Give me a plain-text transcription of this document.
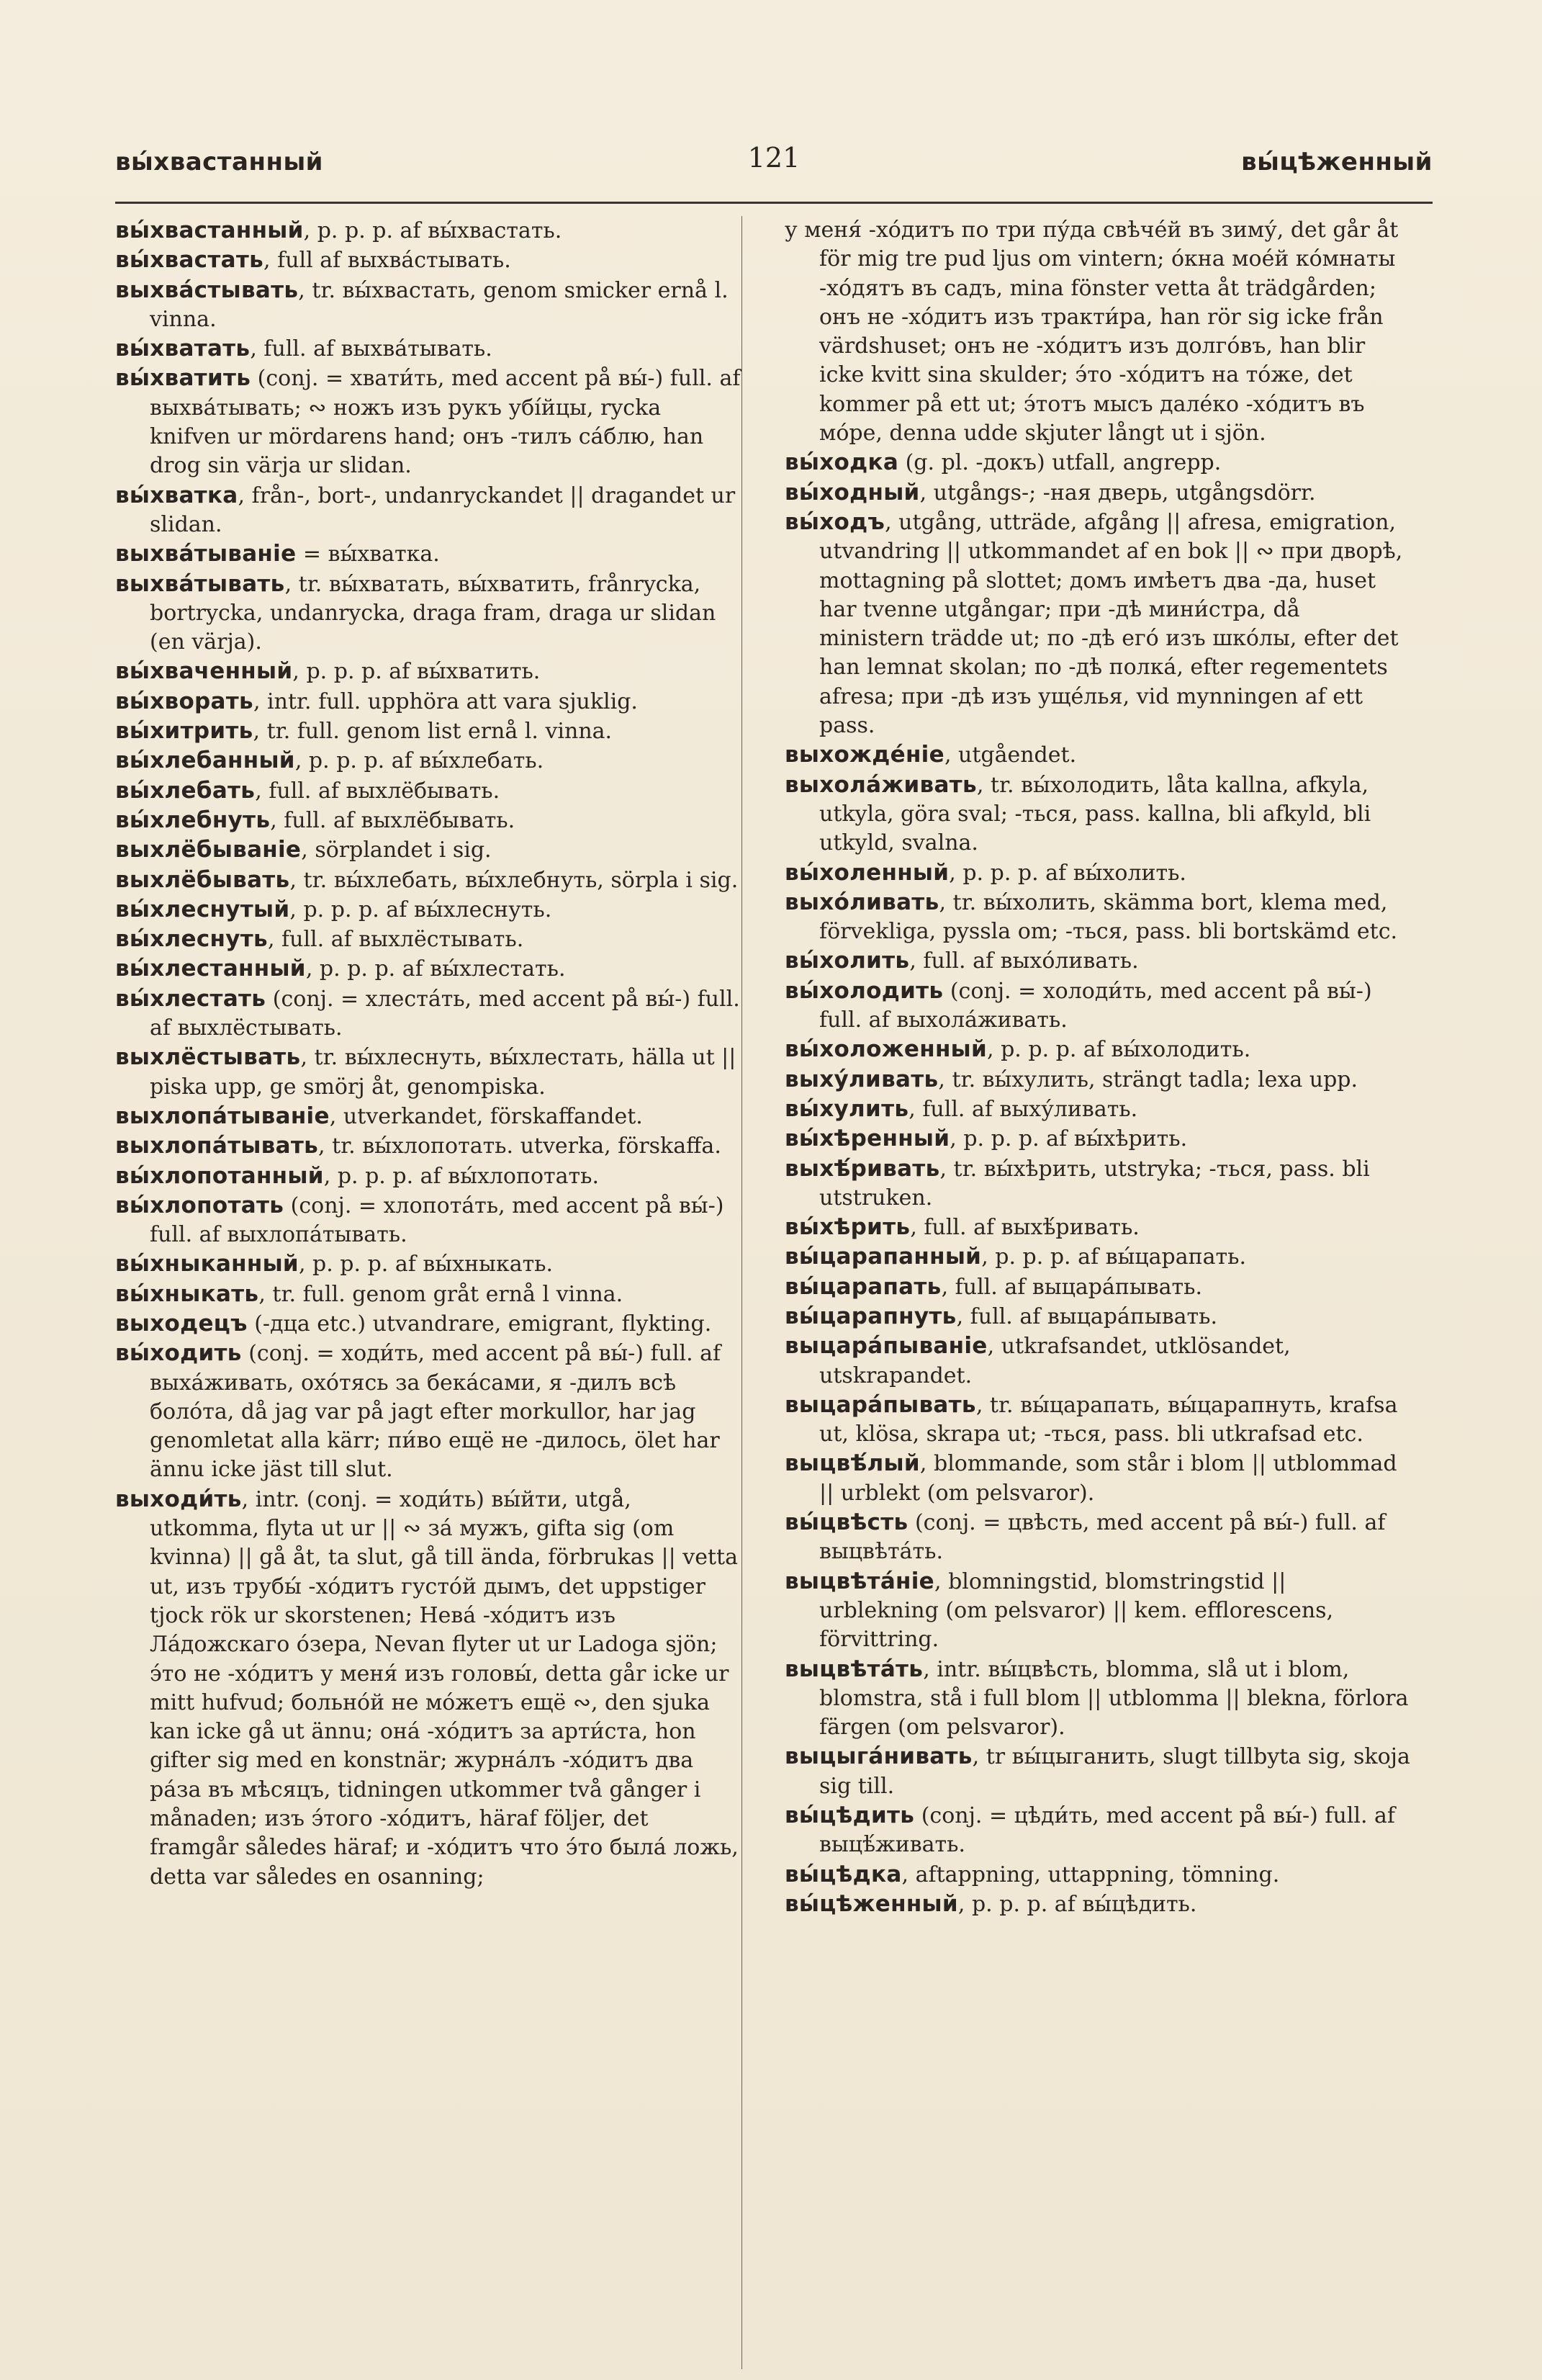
вы́хвастанный	121	вы́цѣженный
вы́хвастанный, p. p. p. af вы́хвастать.
вы́хвастать, full af выхва́стывать.
выхва́стывать, tr. вы́хвастать, genom smicker ernå l. vinna.
вы́хватать, full. af выхва́тывать.
вы́хватить (conj. = хвати́ть, med accent på вы́-) full. af выхва́тывать; ∾ ножъ изъ рукъ убі́йцы, rycka knifven ur mördarens hand; онъ -тилъ са́блю, han drog sin värja ur slidan.
вы́хватка, från-, bort-, undanryckandet || dragandet ur slidan.
выхва́тываніе = вы́хватка.
выхва́тывать, tr. вы́хватать, вы́хватить, frånrycka, bortrycka, undanrycka, draga fram, draga ur slidan (en värja).
вы́хваченный, p. p. p. af вы́хватить.
вы́хворать, intr. full. upphöra att vara sjuklig.
вы́хитрить, tr. full. genom list ernå l. vinna.
вы́хлебанный, p. p. p. af вы́хлебать.
вы́хлебать, full. af выхлёбывать.
вы́хлебнуть, full. af выхлёбывать.
выхлёбываніе, sörplandet i sig.
выхлёбывать, tr. вы́хлебать, вы́хлебнуть, sörpla i sig.
вы́хлеснутый, p. p. p. af вы́хлеснуть.
вы́хлеснуть, full. af выхлёстывать.
вы́хлестанный, p. p. p. af вы́хлестать.
вы́хлестать (conj. = хлеста́ть, med accent på вы́-) full. af выхлёстывать.
выхлёстывать, tr. вы́хлеснуть, вы́хлестать, hälla ut || piska upp, ge smörj åt, genompiska.
выхлопа́тываніе, utverkandet, förskaffandet.
выхлопа́тывать, tr. вы́хлопотать. utverka, förskaffa.
вы́хлопотанный, p. p. p. af вы́хлопотать.
вы́хлопотать (conj. = хлопота́ть, med accent på вы́-) full. af выхлопа́тывать.
вы́хныканный, p. p. p. af вы́хныкать.
вы́хныкать, tr. full. genom gråt ernå l vinna.
выходецъ (-дца etc.) utvandrare, emigrant, flykting.
вы́ходить (conj. = ходи́ть, med accent på вы́-) full. af выха́живать, охо́тясь за бека́сами, я -дилъ всѣ боло́та, då jag var på jagt efter morkullor, har jag genomletat alla kärr; пи́во ещё не -дилось, ölet har ännu icke jäst till slut.
выходи́ть, intr. (conj. = ходи́ть) вы́йти, utgå, utkomma, flyta ut ur || ∾ за́ мужъ, gifta sig (om kvinna) || gå åt, ta slut, gå till ända, förbrukas || vetta ut, изъ трубы́ -хо́дитъ густо́й дымъ, det uppstiger tjock rök ur skorstenen; Нева́ -хо́дитъ изъ Ла́дожскаго о́зера, Nevan flyter ut ur Ladoga sjön; э́то не -хо́дитъ у меня́ изъ головы́, detta går icke ur mitt hufvud; больно́й не мо́жетъ ещё ∾, den sjuka kan icke gå ut ännu; она́ -хо́дитъ за арти́ста, hon gifter sig med en konstnär; журна́лъ -хо́дитъ два ра́за въ мѣсяцъ, tidningen utkommer två gånger i månaden; изъ э́того -хо́дитъ, häraf följer, det framgår således häraf; и -хо́дитъ что э́то была́ ложь, detta var således en osanning;
у меня́ -хо́дитъ по три пу́да свѣче́й въ зиму́, det går åt för mig tre pud ljus om vintern; о́кна моéй ко́мнаты -хо́дятъ въ садъ, mina fönster vetta åt trädgården; онъ не -хо́дитъ изъ тракти́ра, han rör sig icke från värdshuset; онъ не -хо́дитъ изъ долго́въ, han blir icke kvitt sina skulder; э́то -хо́дитъ на то́же, det kommer på ett ut; э́тотъ мысъ дале́ко -хо́дитъ въ мо́ре, denna udde skjuter långt ut i sjön.
вы́ходка (g. pl. -докъ) utfall, angrepp.
вы́ходный, utgångs-; -ная дверь, utgångsdörr.
вы́ходъ, utgång, utträde, afgång || afresa, emigration, utvandring || utkommandet af en bok || ∾ при дворѣ, mottagning på slottet; домъ имѣетъ два -да, huset har tvenne utgångar; при -дѣ мини́стра, då ministern trädde ut; по -дѣ его́ изъ шко́лы, efter det han lemnat skolan; по -дѣ полка́, efter regementets afresa; при -дѣ изъ уще́лья, vid mynningen af ett pass.
выхожде́ніе, utgåendet.
выхола́живать, tr. вы́холодить, låta kallna, afkyla, utkyla, göra sval; -ться, pass. kallna, bli afkyld, bli utkyld, svalna.
вы́холенный, p. p. p. af вы́холить.
выхо́ливать, tr. вы́холить, skämma bort, klema med, förvekliga, pyssla om; -ться, pass. bli bortskämd etc.
вы́холить, full. af выхо́ливать.
вы́холодить (conj. = холоди́ть, med accent på вы́-) full. af выхола́живать.
вы́холоженный, p. p. p. af вы́холодить.
выху́ливать, tr. вы́хулить, strängt tadla; lexa upp.
вы́хулить, full. af выху́ливать.
вы́хѣренный, p. p. p. af вы́хѣрить.
выхѣ́ривать, tr. вы́хѣрить, utstryka; -ться, pass. bli utstruken.
вы́хѣрить, full. af выхѣ́ривать.
вы́царапанный, p. p. p. af вы́царапать.
вы́царапать, full. af выцара́пывать.
вы́царапнуть, full. af выцара́пывать.
выцара́пываніе, utkrafsandet, utklösandet, utskrapandet.
выцара́пывать, tr. вы́царапать, вы́царапнуть, krafsa ut, klösa, skrapa ut; -ться, pass. bli utkrafsad etc.
выцвѣ́лый, blommande, som står i blom || utblommad || urblekt (om pelsvaror).
вы́цвѣсть (conj. = цвѣсть, med accent på вы́-) full. af выцвѣта́ть.
выцвѣта́ніе, blomningstid, blomstringstid || urblekning (om pelsvaror) || kem. efflorescens, förvittring.
выцвѣта́ть, intr. вы́цвѣсть, blomma, slå ut i blom, blomstra, stå i full blom || utblomma || blekna, förlora färgen (om pelsvaror).
выцыга́нивать, tr вы́цыганить, slugt tillbyta sig, skoja sig till.
вы́цѣдить (conj. = цѣди́ть, med accent på вы́-) full. af выцѣ́живать.
вы́цѣдка, aftappning, uttappning, tömning.
вы́цѣженный, p. p. p. af вы́цѣдить.
